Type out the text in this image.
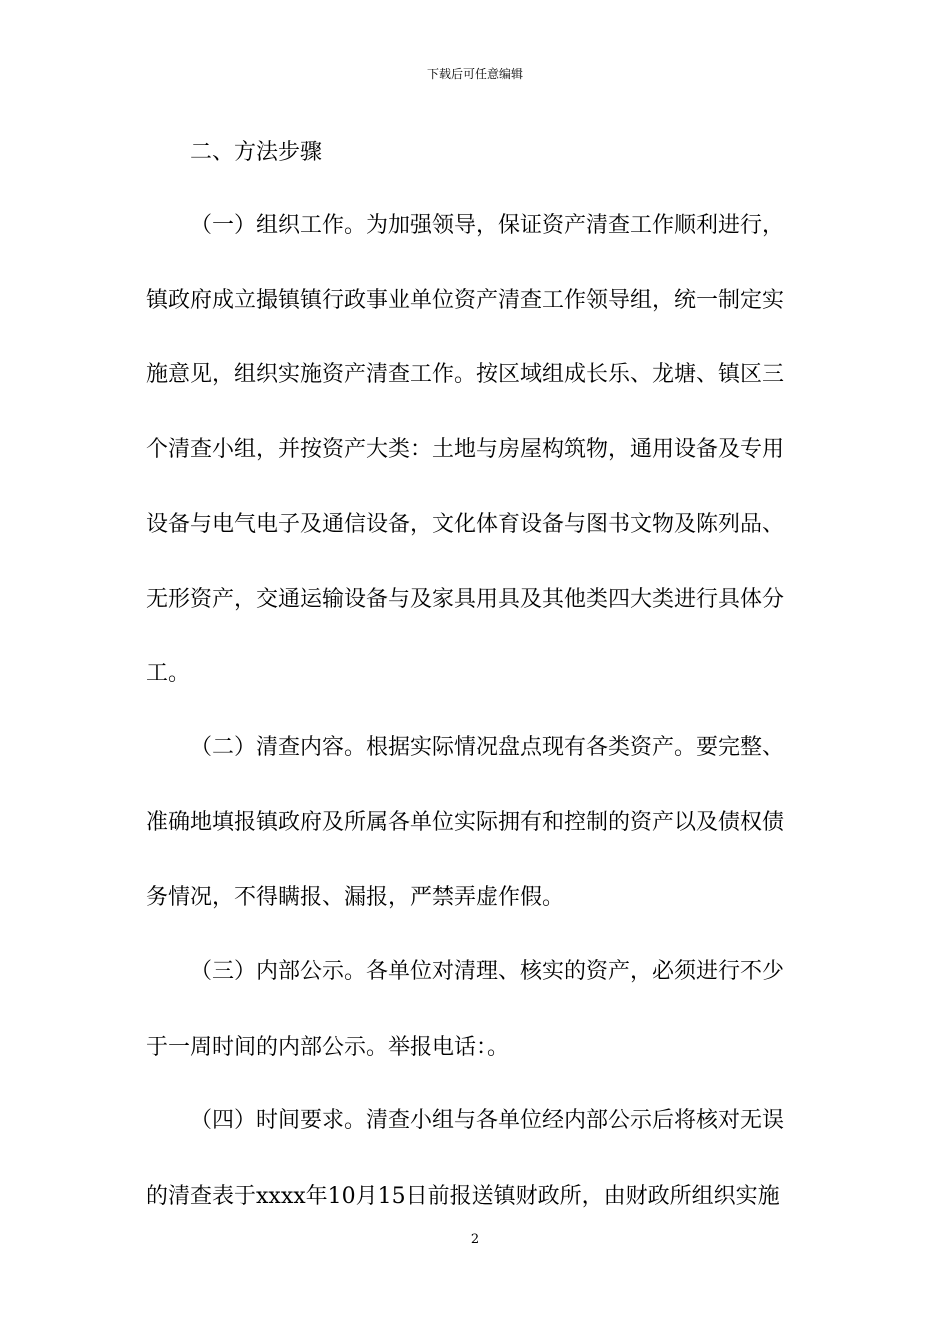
下载后可任意编辑
二、方法步骤
（一）组织工作。为加强领导，保证资产清查工作顺利进行，
镇政府成立撮镇镇行政事业单位资产清查工作领导组，统一制定实
施意见，组织实施资产清查工作。按区域组成长乐、龙塘、镇区三
个清查小组，并按资产大类：土地与房屋构筑物，通用设备及专用
设备与电气电子及通信设备，文化体育设备与图书文物及陈列品、
无形资产，交通运输设备与及家具用具及其他类四大类进行具体分
工。
（二）清查内容。根据实际情况盘点现有各类资产。要完整、
准确地填报镇政府及所属各单位实际拥有和控制的资产以及债权债
务情况，不得瞒报、漏报，严禁弄虚作假。
（三）内部公示。各单位对清理、核实的资产，必须进行不少
于一周时间的内部公示。举报电话：。
（四）时间要求。清查小组与各单位经内部公示后将核对无误
的清查表于xxxx年10月15日前报送镇财政所，由财政所组织实施
2
